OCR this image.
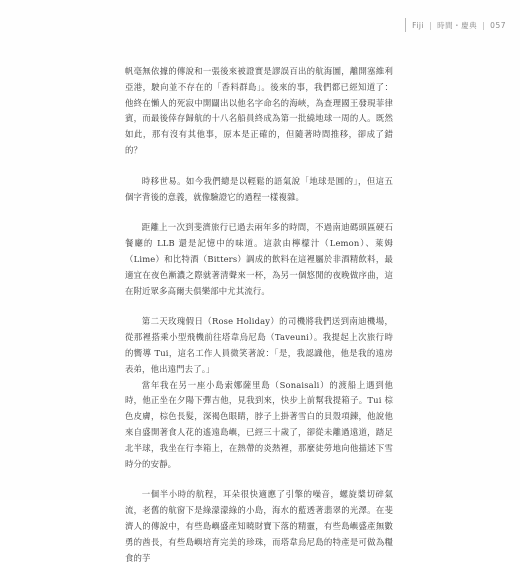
Fiji | 時間・慶典 | 057

帆毫無依據的傳說和一張後來被證實是謬誤百出的航海圖，離開塞維利亞港，駛向並不存在的「香料群島」。後來的事，我們都已經知道了：他終在懶人的死寂中開闢出以他名字命名的海峽，為查理國王發現菲律賓，而最後倖存歸航的十八名船員終成為第一批繞地球一周的人。既然如此，那有沒有其他事，原本是正確的，但隨著時間推移，卻成了錯的？

時移世易。如今我們總是以輕鬆的語氣說「地球是圓的」，但這五個字背後的意義，就像驗證它的過程一樣複雜。

距離上一次到斐濟旅行已過去兩年多的時間，不過南迪碼頭區硬石餐廳的 LLB 還是記憶中的味道。這款由檸檬汁（Lemon）、萊姆（Lime）和比特酒（Bitters）調成的飲料在這裡屬於非酒精飲料，最適宜在夜色漸濃之際就著清聲來一杯，為另一個悠閒的夜晚做序曲，這在附近眾多高爾夫俱樂部中尤其流行。

第二天玫瑰假日（Rose Holiday）的司機將我們送到南迪機場，從那裡搭乘小型飛機前往塔韋烏尼島（Taveuni）。我提起上次旅行時的嚮導 Tui，這名工作人員微笑著說：「是，我認識他，他是我的遠房表弟，他出遠門去了。」

當年我在另一座小島索娜薩里島（Sonaisali）的渡船上遇到他時，他正坐在夕陽下彈吉他，見我到來，快步上前幫我提箱子。Tui 棕色皮膚，棕色長髮，深褐色眼睛，脖子上掛著雪白的貝殼項鍊，他說他來自盛開著食人花的遙遠島嶼，已經三十歲了，卻從未離過遠道，踏足北半球，我坐在行李箱上，在熱帶的炎熱裡，那麼徒勞地向他描述下雪時分的安靜。

一個半小時的航程，耳朵很快適應了引擎的噪音，螺旋槳切碎氣流，老舊的航窗下是綠濛濛綠的小島，海水的藍透著翡翠的光澤。在斐濟人的傳說中，有些島嶼盛產知曉財寶下落的精靈，有些島嶼盛產無數勇的酋長，有些島嶼培育完美的珍珠，而塔韋烏尼島的特產是可做為糧食的芋
